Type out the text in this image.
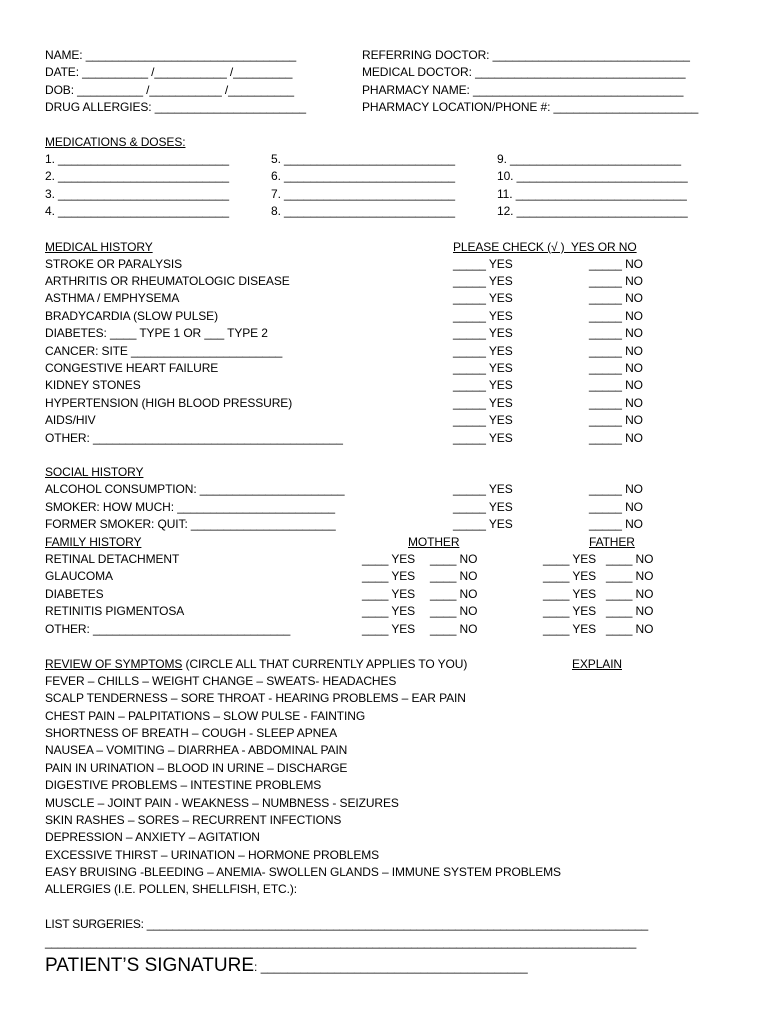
NAME: ________________________________
DATE: __________ /___________ /_________
DOB: __________ /___________ /__________
DRUG ALLERGIES: _______________________
REFERRING DOCTOR: ______________________________
MEDICAL DOCTOR: ________________________________
PHARMACY NAME: ________________________________
PHARMACY LOCATION/PHONE #: ______________________
MEDICATIONS & DOSES:
1. __________________________
2. __________________________
3. __________________________
4. __________________________
5. __________________________
6. __________________________
7. __________________________
8. __________________________
9. __________________________
10. __________________________
11. __________________________
12. __________________________
MEDICAL HISTORY	PLEASE CHECK (√ )  YES OR NO
STROKE OR PARALYSIS	_____ YES	_____ NO
ARTHRITIS OR RHEUMATOLOGIC DISEASE	_____ YES	_____ NO
ASTHMA / EMPHYSEMA	_____ YES	_____ NO
BRADYCARDIA (SLOW PULSE)	_____ YES	_____ NO
DIABETES: ____ TYPE 1 OR ___ TYPE 2	_____ YES	_____ NO
CANCER: SITE _______________________	_____ YES	_____ NO
CONGESTIVE HEART FAILURE	_____ YES	_____ NO
KIDNEY STONES	_____ YES	_____ NO
HYPERTENSION (HIGH BLOOD PRESSURE)	_____ YES	_____ NO
AIDS/HIV	_____ YES	_____ NO
OTHER: ______________________________________	_____ YES	_____ NO
SOCIAL HISTORY
ALCOHOL CONSUMPTION: ______________________	_____ YES	_____ NO
SMOKER: HOW MUCH: ________________________	_____ YES	_____ NO
FORMER SMOKER: QUIT: ______________________	_____ YES	_____ NO
FAMILY HISTORY	MOTHER	FATHER
RETINAL DETACHMENT	____ YES ____ NO	____ YES ____ NO
GLAUCOMA	____ YES ____ NO	____ YES ____ NO
DIABETES	____ YES ____ NO	____ YES ____ NO
RETINITIS PIGMENTOSA	____ YES ____ NO	____ YES ____ NO
OTHER: ______________________________	____ YES ____ NO	____ YES ____ NO
REVIEW OF SYMPTOMS (CIRCLE ALL THAT CURRENTLY APPLIES TO YOU)	EXPLAIN
FEVER – CHILLS – WEIGHT CHANGE – SWEATS- HEADACHES
SCALP TENDERNESS – SORE THROAT - HEARING PROBLEMS – EAR PAIN
CHEST PAIN – PALPITATIONS – SLOW PULSE - FAINTING
SHORTNESS OF BREATH – COUGH - SLEEP APNEA
NAUSEA – VOMITING – DIARRHEA - ABDOMINAL PAIN
PAIN IN URINATION – BLOOD IN URINE – DISCHARGE
DIGESTIVE PROBLEMS – INTESTINE PROBLEMS
MUSCLE – JOINT PAIN - WEAKNESS – NUMBNESS - SEIZURES
SKIN RASHES – SORES – RECURRENT INFECTIONS
DEPRESSION – ANXIETY – AGITATION
EXCESSIVE THIRST – URINATION – HORMONE PROBLEMS
EASY BRUISING -BLEEDING – ANEMIA- SWOLLEN GLANDS – IMMUNE SYSTEM PROBLEMS
ALLERGIES (I.E. POLLEN, SHELLFISH, ETC.):
LIST SURGERIES: ______________________________________________________________________________
____________________________________________________________________________________________
PATIENT’S SIGNATURE: ________________________________________
